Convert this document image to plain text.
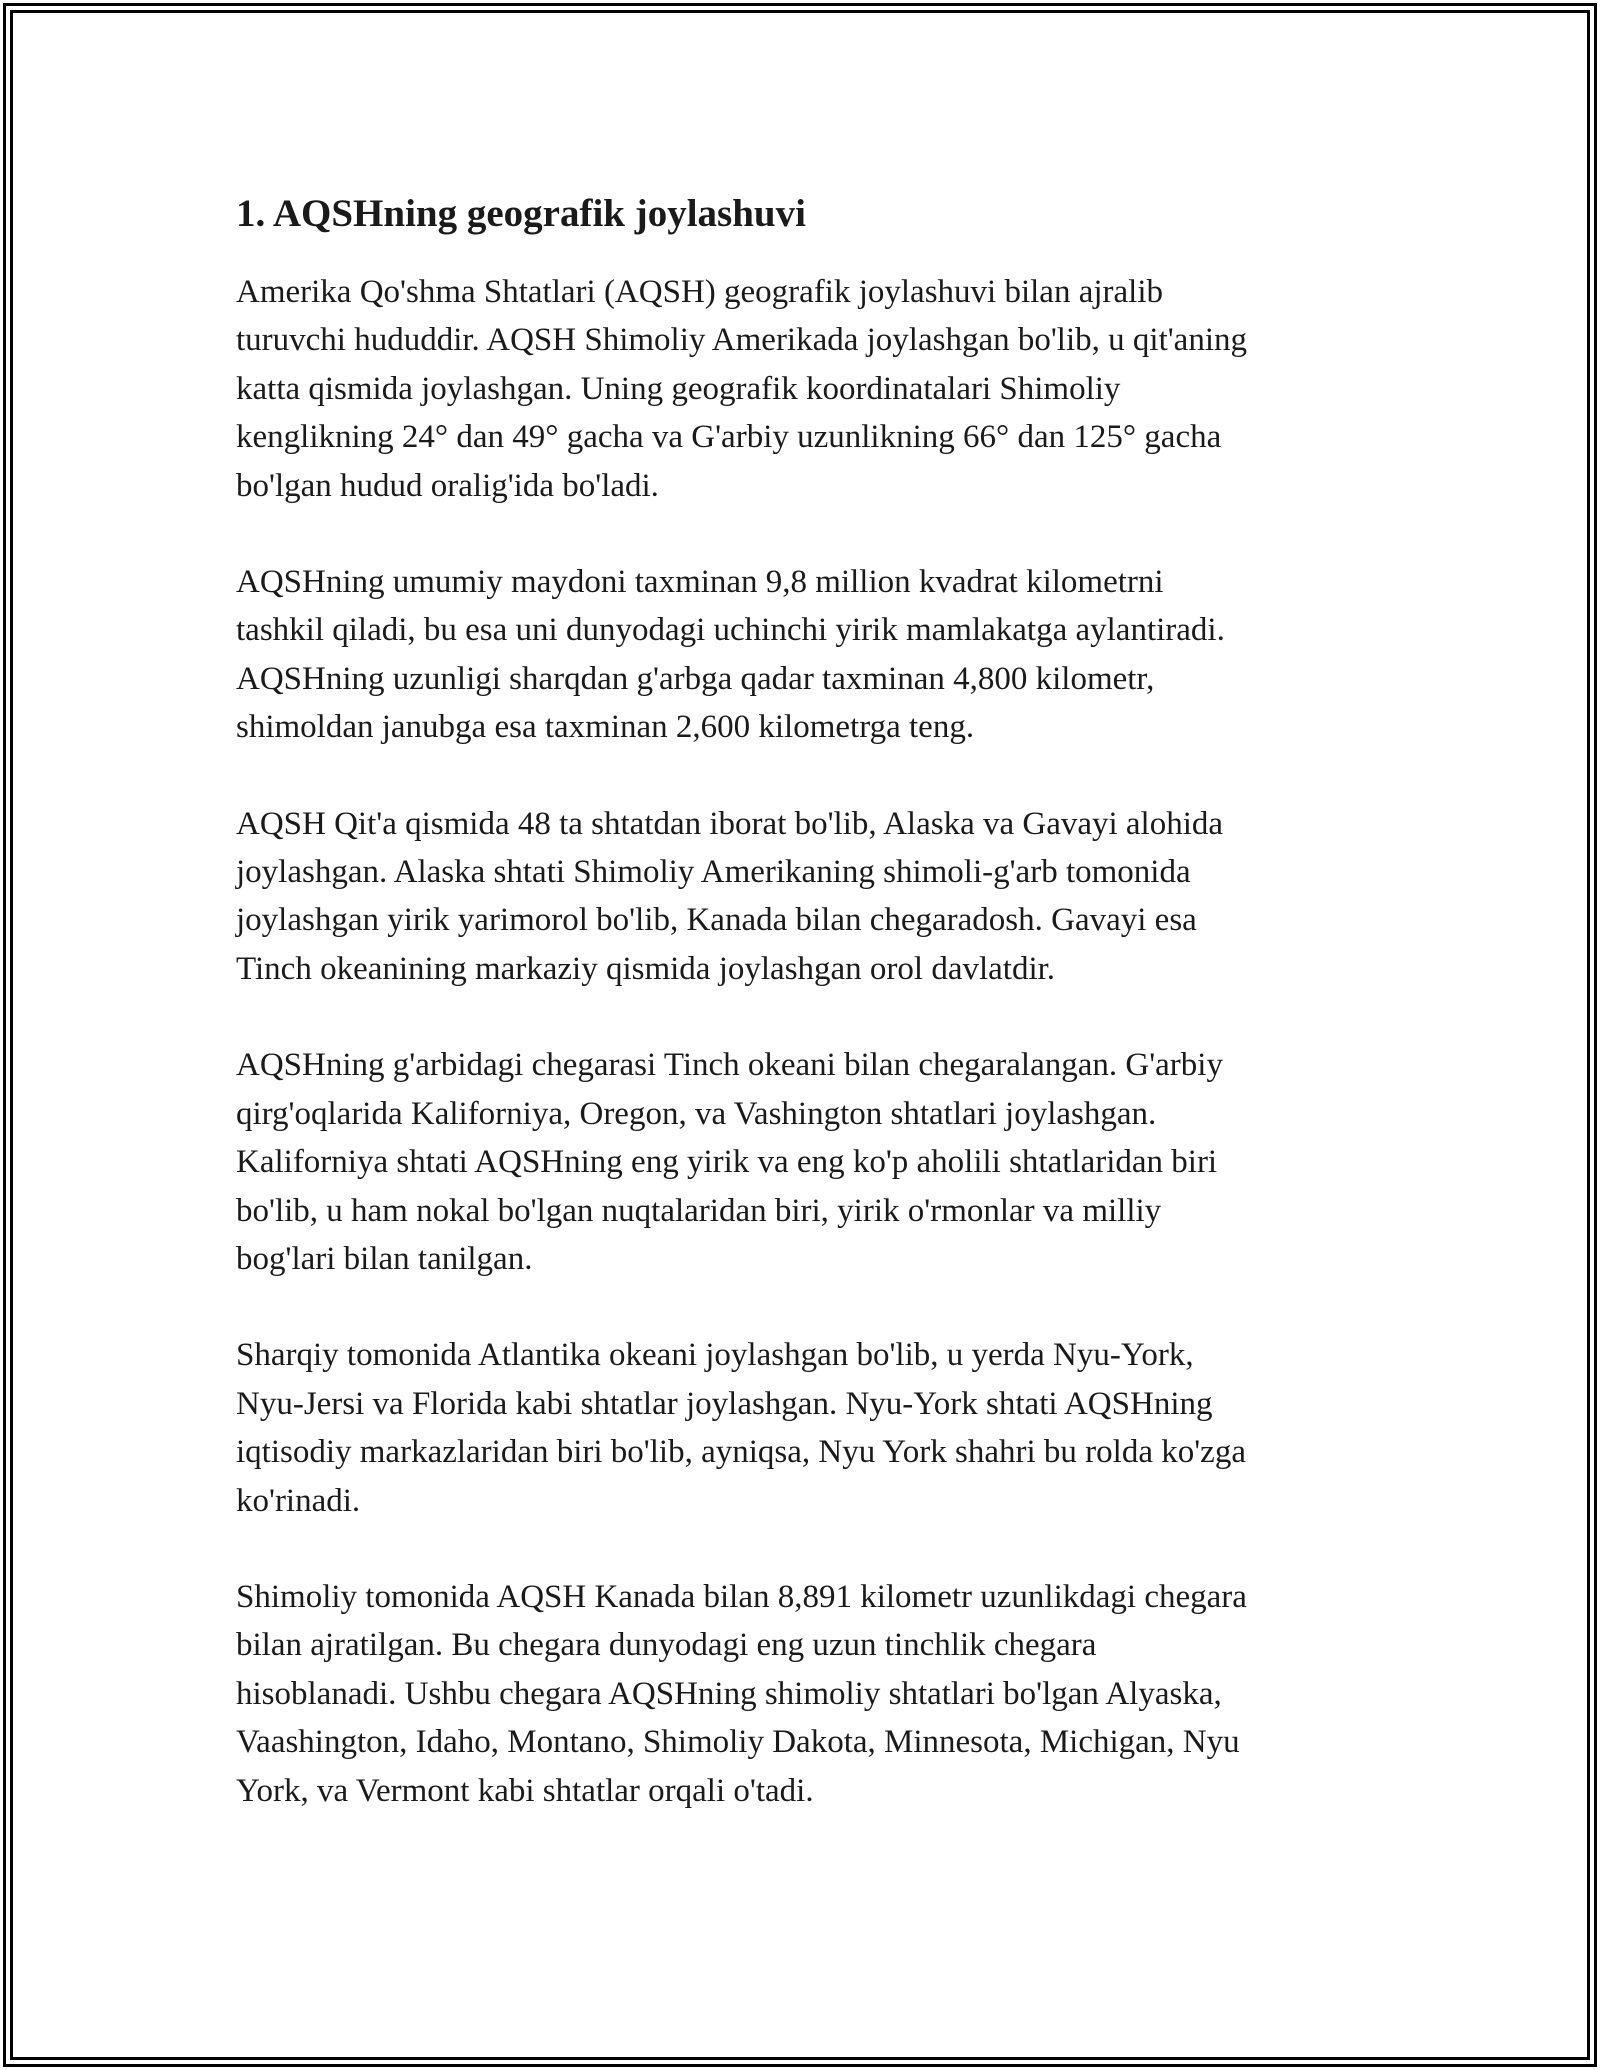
1. AQSHning geografik joylashuvi

Amerika Qo'shma Shtatlari (AQSH) geografik joylashuvi bilan ajralib
turuvchi hududdir. AQSH Shimoliy Amerikada joylashgan bo'lib, u qit'aning
katta qismida joylashgan. Uning geografik koordinatalari Shimoliy
kenglikning 24° dan 49° gacha va G'arbiy uzunlikning 66° dan 125° gacha
bo'lgan hudud oralig'ida bo'ladi.

AQSHning umumiy maydoni taxminan 9,8 million kvadrat kilometrni
tashkil qiladi, bu esa uni dunyodagi uchinchi yirik mamlakatga aylantiradi.
AQSHning uzunligi sharqdan g'arbga qadar taxminan 4,800 kilometr,
shimoldan janubga esa taxminan 2,600 kilometrga teng.

AQSH Qit'a qismida 48 ta shtatdan iborat bo'lib, Alaska va Gavayi alohida
joylashgan. Alaska shtati Shimoliy Amerikaning shimoli-g'arb tomonida
joylashgan yirik yarimorol bo'lib, Kanada bilan chegaradosh. Gavayi esa
Tinch okeanining markaziy qismida joylashgan orol davlatdir.

AQSHning g'arbidagi chegarasi Tinch okeani bilan chegaralangan. G'arbiy
qirg'oqlarida Kaliforniya, Oregon, va Vashington shtatlari joylashgan.
Kaliforniya shtati AQSHning eng yirik va eng ko'p aholili shtatlaridan biri
bo'lib, u ham nokal bo'lgan nuqtalaridan biri, yirik o'rmonlar va milliy
bog'lari bilan tanilgan.

Sharqiy tomonida Atlantika okeani joylashgan bo'lib, u yerda Nyu-York,
Nyu-Jersi va Florida kabi shtatlar joylashgan. Nyu-York shtati AQSHning
iqtisodiy markazlaridan biri bo'lib, ayniqsa, Nyu York shahri bu rolda ko'zga
ko'rinadi.

Shimoliy tomonida AQSH Kanada bilan 8,891 kilometr uzunlikdagi chegara
bilan ajratilgan. Bu chegara dunyodagi eng uzun tinchlik chegara
hisoblanadi. Ushbu chegara AQSHning shimoliy shtatlari bo'lgan Alyaska,
Vaashington, Idaho, Montano, Shimoliy Dakota, Minnesota, Michigan, Nyu
York, va Vermont kabi shtatlar orqali o'tadi.
